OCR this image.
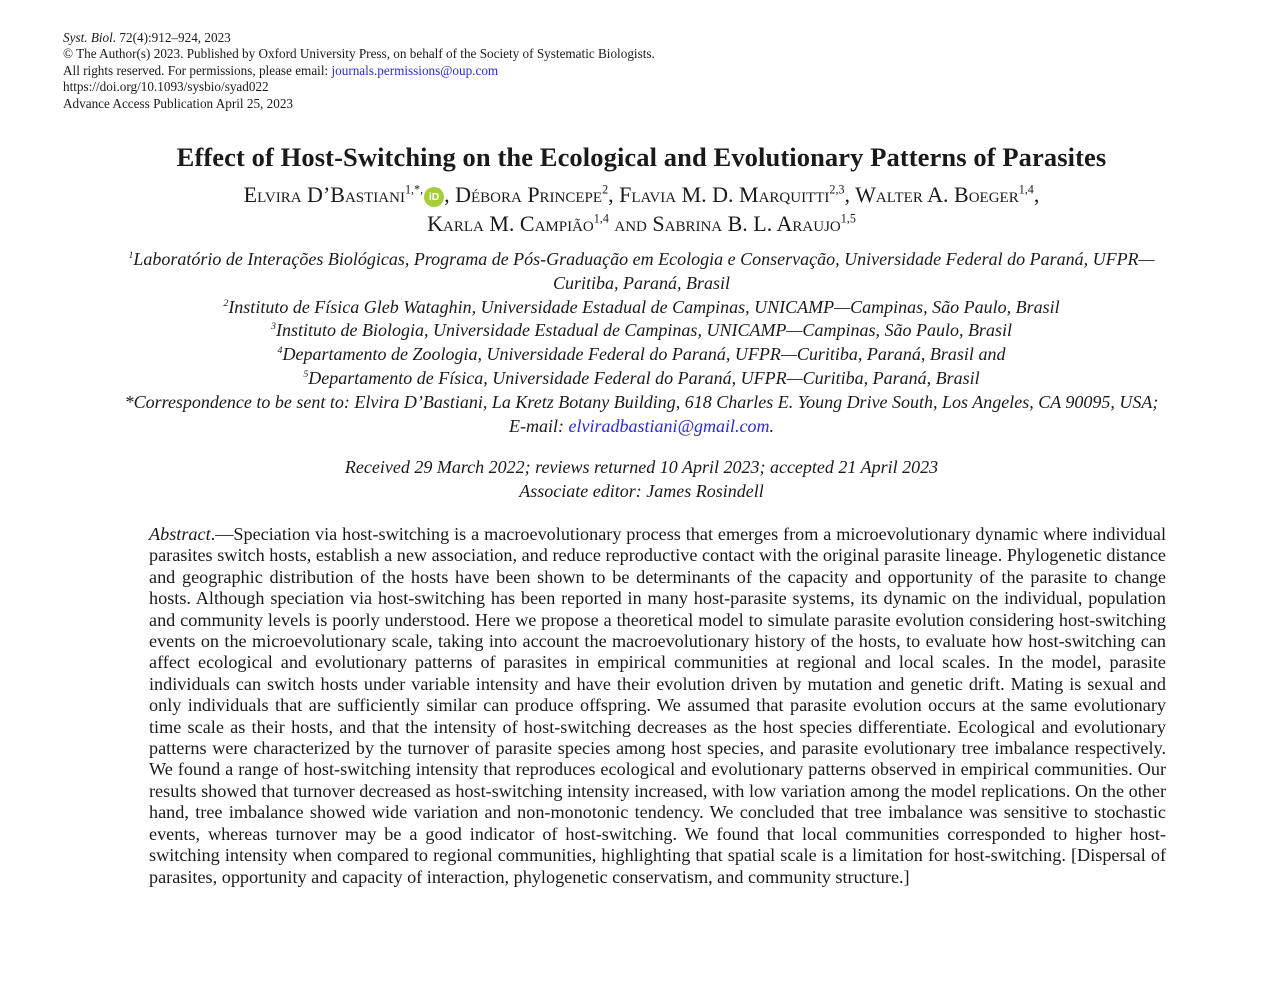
Syst. Biol. 72(4):912–924, 2023
© The Author(s) 2023. Published by Oxford University Press, on behalf of the Society of Systematic Biologists.
All rights reserved. For permissions, please email: journals.permissions@oup.com
https://doi.org/10.1093/sysbio/syad022
Advance Access Publication April 25, 2023
Effect of Host-Switching on the Ecological and Evolutionary Patterns of Parasites
Elvira D’Bastiani$^{1,*,}$iD , Débora Princepe$^2$, Flavia M. D. Marquitti$^{2,3}$, Walter A. Boeger$^{1,4}$,
Karla M. Campião$^{1,4}$ and Sabrina B. L. Araujo$^{1,5}$
$^1$Laboratório de Interações Biológicas, Programa de Pós-Graduação em Ecologia e Conservação, Universidade Federal do Paraná, UFPR—
Curitiba, Paraná, Brasil
$^2$Instituto de Física Gleb Wataghin, Universidade Estadual de Campinas, UNICAMP—Campinas, São Paulo, Brasil
$^3$Instituto de Biologia, Universidade Estadual de Campinas, UNICAMP—Campinas, São Paulo, Brasil
$^4$Departamento de Zoologia, Universidade Federal do Paraná, UFPR—Curitiba, Paraná, Brasil and
$^5$Departamento de Física, Universidade Federal do Paraná, UFPR—Curitiba, Paraná, Brasil
*Correspondence to be sent to: Elvira D’Bastiani, La Kretz Botany Building, 618 Charles E. Young Drive South, Los Angeles, CA 90095, USA;
E-mail: elviradbastiani@gmail.com.
Received 29 March 2022; reviews returned 10 April 2023; accepted 21 April 2023
Associate editor: James Rosindell
Abstract.—Speciation via host-switching is a macroevolutionary process that emerges from a microevolutionary dynamic where individual parasites switch hosts, establish a new association, and reduce reproductive contact with the original parasite lineage. Phylogenetic distance and geographic distribution of the hosts have been shown to be determinants of the capacity and opportunity of the parasite to change hosts. Although speciation via host-switching has been reported in many host-parasite systems, its dynamic on the individual, population and community levels is poorly understood. Here we propose a theoretical model to simulate parasite evolution considering host-switching events on the microevolutionary scale, taking into account the macroevolutionary history of the hosts, to evaluate how host-switching can affect ecological and evolutionary patterns of parasites in empirical communities at regional and local scales. In the model, parasite individuals can switch hosts under variable intensity and have their evolution driven by mutation and genetic drift. Mating is sexual and only individuals that are sufficiently similar can produce offspring. We assumed that parasite evolution occurs at the same evolutionary time scale as their hosts, and that the intensity of host-switching decreases as the host species differentiate. Ecological and evolutionary patterns were characterized by the turnover of parasite species among host species, and parasite evolutionary tree imbalance respectively. We found a range of host-switching intensity that reproduces ecological and evolutionary patterns observed in empirical communities. Our results showed that turnover decreased as host-switching intensity increased, with low variation among the model replications. On the other hand, tree imbalance showed wide variation and non-monotonic tendency. We concluded that tree imbalance was sensitive to stochastic events, whereas turnover may be a good indicator of host-switching. We found that local communities corresponded to higher host-switching intensity when compared to regional communities, highlighting that spatial scale is a limitation for host-switching. [Dispersal of parasites, opportunity and capacity of interaction, phylogenetic conservatism, and community structure.]
